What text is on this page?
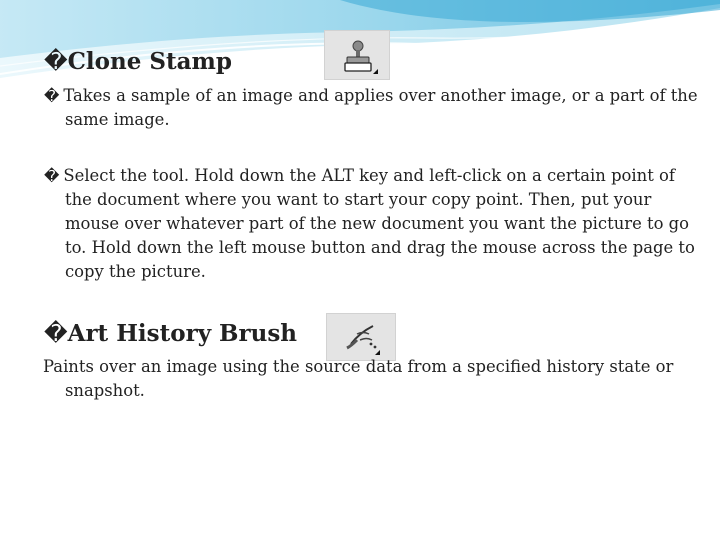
�Clone Stamp

� Takes a sample of an image and applies over another image, or a part of the same image.

� Select the tool. Hold down the ALT key and left-click on a certain point of the document where you want to start your copy point. Then, put your mouse over whatever part of the new document you want the picture to go to. Hold down the left mouse button and drag the mouse across the page to copy the picture.

�Art History Brush

Paints over an image using the source data from a specified history state or snapshot.
